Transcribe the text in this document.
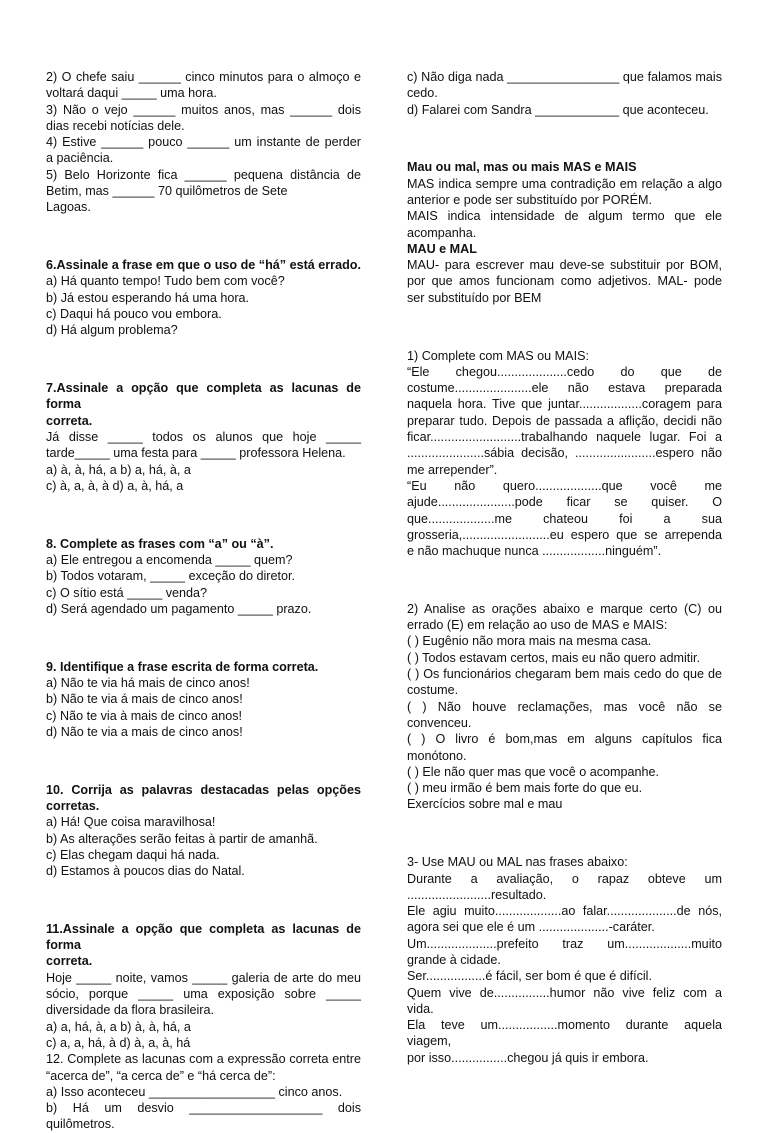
2) O chefe saiu ______ cinco minutos para o almoço e

voltará daqui _____ uma hora.

3) Não o vejo ______ muitos anos, mas ______ dois

dias recebi notícias dele.

4) Estive ______ pouco ______ um instante de perder

a paciência.

5) Belo Horizonte fica ______ pequena distância de

Betim, mas ______ 70 quilômetros de Sete

Lagoas.

6.Assinale a frase em que o uso de “há” está errado.

a) Há quanto tempo! Tudo bem com você?

b) Já estou esperando há uma hora.

c) Daqui há pouco vou embora.

d) Há algum problema?

7.Assinale a opção que completa as lacunas de forma

correta.

Já disse _____ todos os alunos que hoje _____

tarde_____ uma festa para _____ professora Helena.

a) à, à, há, a b) a, há, à, a

c) à, a, à, à d) a, à, há, a

8. Complete as frases com “a” ou “à”.

a) Ele entregou a encomenda _____ quem?

b) Todos votaram, _____ exceção do diretor.

c) O sítio está _____ venda?

d) Será agendado um pagamento _____ prazo.

9. Identifique a frase escrita de forma correta.

a) Não te via há mais de cinco anos!

b) Não te via á mais de cinco anos!

c) Não te via à mais de cinco anos!

d) Não te via a mais de cinco anos!

10. Corrija as palavras destacadas pelas opções

corretas.

a) Há! Que coisa maravilhosa!

b) As alterações serão feitas à partir de amanhã.

c) Elas chegam daqui há nada.

d) Estamos à poucos dias do Natal.

11.Assinale a opção que completa as lacunas de forma

correta.

Hoje _____ noite, vamos _____ galeria de arte do meu

sócio, porque _____ uma exposição sobre _____

diversidade da flora brasileira.

a) a, há, à, a b) à, à, há, a

c) a, a, há, à d) à, a, à, há

12. Complete as lacunas com a expressão correta entre

“acerca de”, “a cerca de” e “há cerca de”:

a) Isso aconteceu __________________ cinco anos.

b) Há um desvio ___________________ dois

quilômetros.

c) Não diga nada ________________ que falamos mais

cedo.

d) Falarei com Sandra ____________ que aconteceu.

Mau ou mal, mas ou mais MAS e MAIS

MAS indica sempre uma contradição em relação a algo

anterior e pode ser substituído por PORÉM.

MAIS indica intensidade de algum termo que ele

acompanha.

MAU e MAL

MAU- para escrever mau deve-se substituir por BOM,

por que amos funcionam como adjetivos. MAL- pode

ser substituído por BEM

1) Complete com MAS ou MAIS:

“Ele chegou....................cedo do que de

costume......................ele não estava preparada

naquela hora. Tive que juntar..................coragem para

preparar tudo. Depois de passada a aflição, decidi não

ficar..........................trabalhando naquele lugar. Foi a

......................sábia decisão, .......................espero não

me arrepender”.

“Eu não quero...................que você me

ajude......................pode ficar se quiser. O

que...................me chateou foi a sua

grosseria,.........................eu espero que se arrependa

e não machuque nunca ..................ninguém”.

2) Analise as orações abaixo e marque certo (C) ou

errado (E) em relação ao uso de MAS e MAIS:

( ) Eugênio não mora mais na mesma casa.

( ) Todos estavam certos, mais eu não quero admitir.

( ) Os funcionários chegaram bem mais cedo do que de

costume.

( ) Não houve reclamações, mas você não se

convenceu.

( ) O livro é bom,mas em alguns capítulos fica

monótono.

( ) Ele não quer mas que você o acompanhe.

( ) meu irmão é bem mais forte do que eu.

Exercícios sobre mal e mau

3- Use MAU ou MAL nas frases abaixo:

Durante a avaliação, o rapaz obteve um

........................resultado.

Ele agiu muito...................ao falar....................de nós,

agora sei que ele é um ....................-caráter.

Um....................prefeito traz um...................muito

grande à cidade.

Ser.................é fácil, ser bom é que é difícil.

Quem vive de................humor não vive feliz com a

vida.

Ela teve um.................momento durante aquela

viagem,

por isso................chegou já quis ir embora.
